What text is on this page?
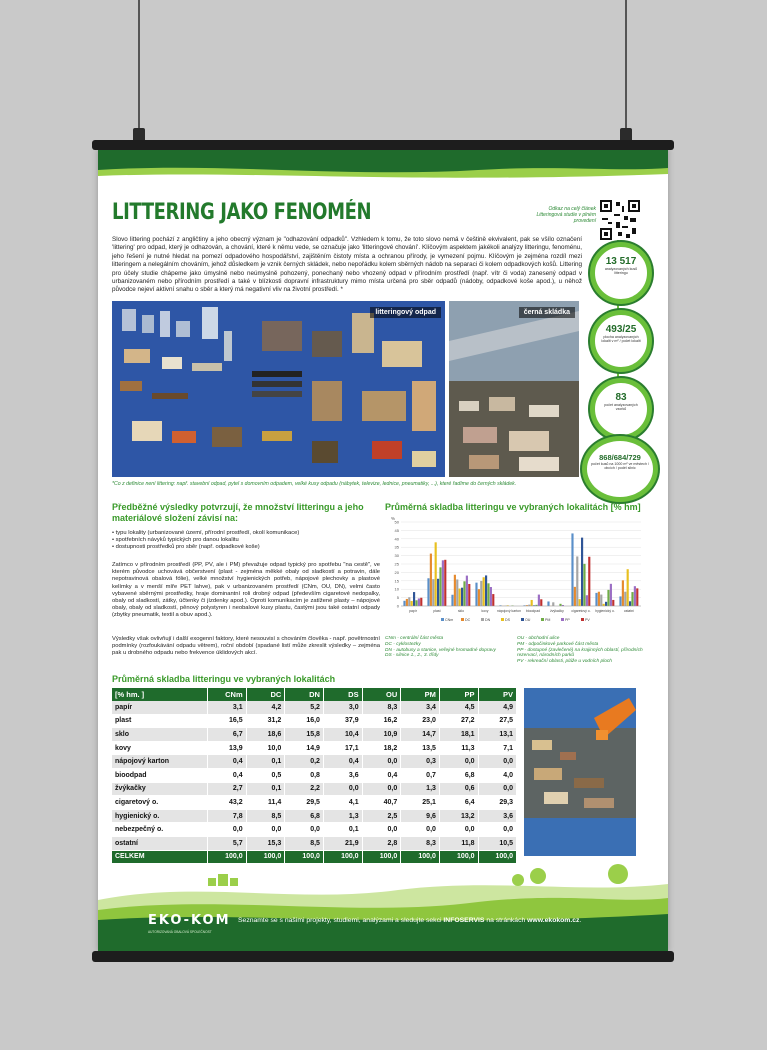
LITTERING JAKO FENOMÉN	Odkaz na celý článek Litteringová studie v plném provedení
Slovo littering pochází z angličtiny a jeho obecný význam je "odhazování odpadků". Vzhledem k tomu, že toto slovo nemá v češtině ekvivalent, pak se všílo označení 'littering' pro odpad, který je odhazován, a chování, které k němu vede, se označuje jako 'litteringové chování'. Klíčovým aspektem jakékoli analýzy litteringu, fenoménu, jeho řešení je nutné hledat na pomezí odpadového hospodářství, zajištěním čistoty místa a ochranou přírody, je vymezení pojmu. Klíčovým je zejména rozdíl mezi litteringem a nelegálním chováním, jehož důsledkem je vznik černých skládek, nebo nepořádku kolem sběrných nádob na separaci či kolem odpadkových košů. Littering pro účely studie chápeme jako úmyslně nebo neúmyslně pohozený, ponechaný nebo vhozený odpad v přírodním prostředí (např. vítr či voda) zanesený odpad v urbanizovaném nebo přírodním prostředí a také v blízkosti dopravní infrastruktury mimo místa určená pro sběr odpadů (nádoby, odpadkové koše apod.), u něhož původce nejeví aktivní snahu o sběr a který má negativní vliv na životní prostředí. *
13 517
analyzovaných kusů litteringu
493/25
plocha analyzovaných lokalit v m² / počet lokalit
83
počet analyzovaných vzorků
868/684/729
počet kusů na 1000 m² ve městech / obcích / podél silnic
litteringový odpad	černá skládka
*Co z definice není littering: např. stavební odpad, pytel s domovním odpadem, velké kusy odpadu (nábytek, televize, lednice, pneumatiky, ...), které řadíme do černých skládek.
Předběžné výsledky potvrzují, že množství litteringu a jeho materiálové složení závisí na:
• typu lokality (urbanizované území, přírodní prostředí, okolí komunikace)
• spotřebních návyků typických pro danou lokalitu
• dostupnosti prostředků pro sběr (např. odpadkové koše)
Zatímco v přírodním prostředí (PP, PV, ale i PM) převažuje odpad typický pro spotřebu "na cestě", ve kterém původce uchovává občerstvení (plast - zejména měkké obaly od sladkostí a potravin, dále nepotravinová obalová fólie), velké množství hygienických potřeb, nápojové plechovky a plastové kelímky a v menší míře PET lahve), pak v urbanizovaném prostředí (CNm, OU, DN), velmi často vybavené sběrnými prostředky, hraje dominantní roli drobný odpad (především cigaretové nedopalky, obaly od sladkostí, zátky, účtenky či jízdenky apod.). Oproti komunikacím je zatížené plasty – nápojové obaly, obaly od sladkostí, pěnový polystyren i neobalové kusy plastu, častými jsou také ostatní odpady (zbytky pneumatik, textil a obuv apod.).
Výsledky však ovlivňují i další exogenní faktory, které nesouvisí s chováním člověka - např. povětrnostní podmínky (rozfoukávání odpadu větrem), roční období (spadané listí může zkreslit výsledky – zejména pak u drobného odpadu nebo frekvence úklidových akcí.
Průměrná skladba litteringu ve vybraných lokalitách [% hm]
0
5
10
15
20
25
30
35
40
45
50
%
papír	plast	sklo	kovy	nápojový karton bioodpad	žvýkačky cigaretový o. hygienický o.	ostatní
CNm	DC	DN	DS	OU	PM	PP	PV
CNm - centrální část města
DC - cyklostezky
DN - autobusy a stanice, veřejné hromadné dopravy
DS - silnice 1., 2., 3. třídy
OU - obchodní ulice
PM - odpočinkové parkové část města
PP - dostupné (zavlečené) na krajinných oblastí, přírodních rezervací, národních parků
PV - rekreační oblasti, pláže u vodních ploch
Průměrná skladba litteringu ve vybraných lokalitách
[% hm. ]	CNm	DC	DN	DS	OU	PM	PP	PV
papír	3,1	4,2	5,2	3,0	8,3	3,4	4,5	4,9
plast	16,5	31,2	16,0	37,9	16,2	23,0	27,2	27,5
sklo	6,7	18,6	15,8	10,4	10,9	14,7	18,1	13,1
kovy	13,9	10,0	14,9	17,1	18,2	13,5	11,3	7,1
nápojový karton	0,4	0,1	0,2	0,4	0,0	0,3	0,0	0,0
bioodpad	0,4	0,5	0,8	3,6	0,4	0,7	6,8	4,0
žvýkačky	2,7	0,1	2,2	0,0	0,0	1,3	0,6	0,0
cigaretový o.	43,2	11,4	29,5	4,1	40,7	25,1	6,4	29,3
hygienický o.	7,8	8,5	6,8	1,3	2,5	9,6	13,2	3,6
nebezpečný o.	0,0	0,0	0,0	0,1	0,0	0,0	0,0	0,0
ostatní	5,7	15,3	8,5	21,9	2,8	8,3	11,8	10,5
CELKEM	100,0	100,0	100,0	100,0	100,0	100,0	100,0	100,0
EKO-KOM
AUTORIZOVANÁ OBALOVÁ SPOLEČNOST
Seznamte se s našimi projekty, studiemi, analýzami a sledujte sekci INFOSERVIS na stránkách www.ekokom.cz.
